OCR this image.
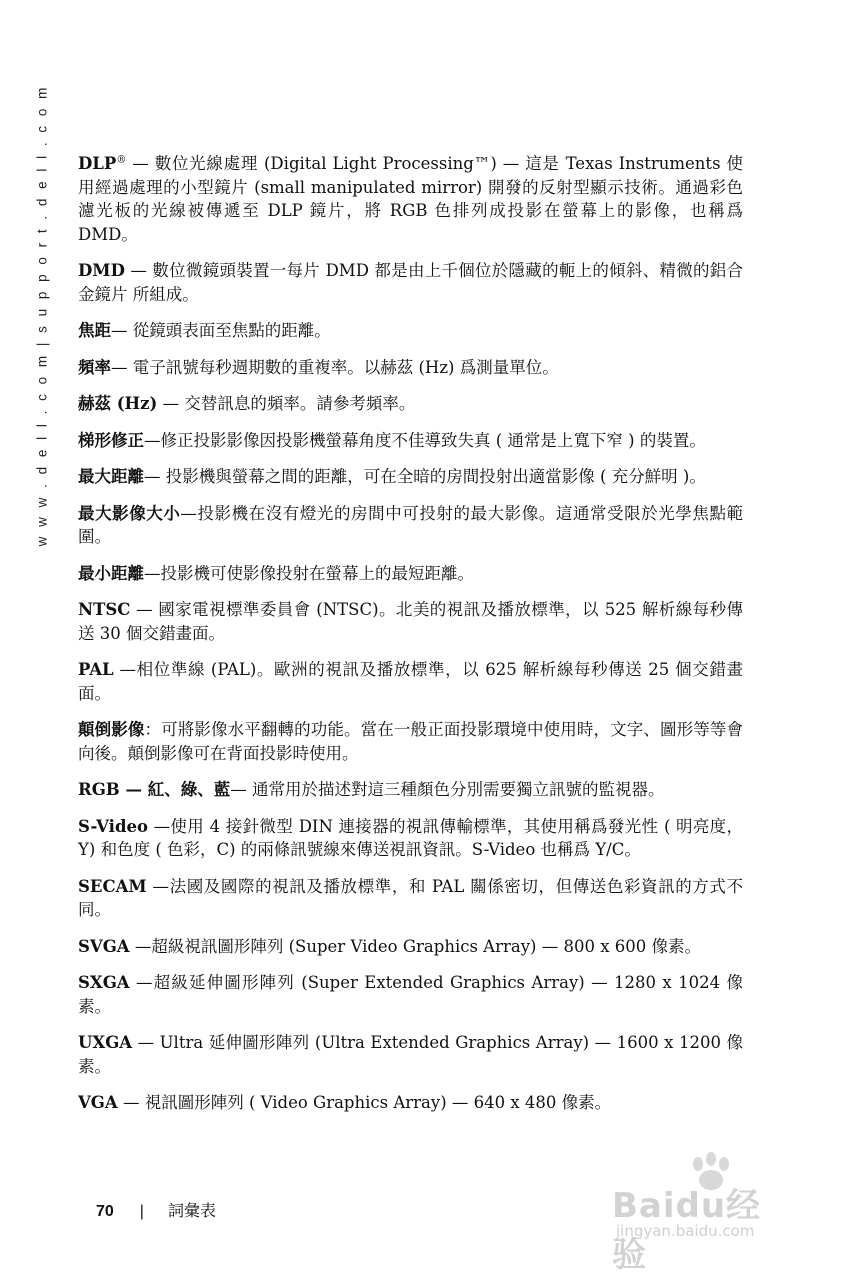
w w w . d e l l . c o m | s u p p o r t . d e l l . c o m DLP® — 數位光線處理 (Digital Light Processing™) — 這是 Texas Instruments 使用經過處理的小型鏡片 (small manipulated mirror) 開發的反射型顯示技術。通過彩色濾光板的光線被傳遞至 DLP 鏡片，將 RGB 色排列成投影在螢幕上的影像，也稱爲 DMD。

DMD — 數位微鏡頭裝置一每片 DMD 都是由上千個位於隱藏的軛上的傾斜、精微的鋁合金鏡片 所組成。

焦距— 從鏡頭表面至焦點的距離。

頻率— 電子訊號每秒週期數的重複率。以赫茲 (Hz) 爲測量單位。

赫茲 (Hz) — 交替訊息的頻率。請參考頻率。

梯形修正—修正投影影像因投影機螢幕角度不佳導致失真 ( 通常是上寬下窄 ) 的裝置。

最大距離— 投影機與螢幕之間的距離，可在全暗的房間投射出適當影像 ( 充分鮮明 )。

最大影像大小—投影機在沒有燈光的房間中可投射的最大影像。這通常受限於光學焦點範圍。

最小距離—投影機可使影像投射在螢幕上的最短距離。

NTSC — 國家電視標準委員會 (NTSC)。北美的視訊及播放標準，以 525 解析線每秒傳送 30 個交錯畫面。

PAL —相位準線 (PAL)。歐洲的視訊及播放標準，以 625 解析線每秒傳送 25 個交錯畫面。

顛倒影像：可將影像水平翻轉的功能。當在一般正面投影環境中使用時，文字、圖形等等會向後。顛倒影像可在背面投影時使用。

RGB — 紅、綠、藍— 通常用於描述對這三種顏色分別需要獨立訊號的監視器。

S-Video —使用 4 接針微型 DIN 連接器的視訊傳輸標準，其使用稱爲發光性 ( 明亮度，Y) 和色度 ( 色彩，C) 的兩條訊號線來傳送視訊資訊。S-Video 也稱爲 Y/C。

SECAM —法國及國際的視訊及播放標準，和 PAL 關係密切，但傳送色彩資訊的方式不同。

SVGA —超級視訊圖形陣列 (Super Video Graphics Array) — 800 x 600 像素。

SXGA —超級延伸圖形陣列 (Super Extended Graphics Array) — 1280 x 1024 像素。

UXGA — Ultra 延伸圖形陣列 (Ultra Extended Graphics Array) — 1600 x 1200 像素。

VGA — 視訊圖形陣列 ( Video Graphics Array) — 640 x 480 像素。

70 | 詞彙表	Baidu经验
jingyan.baidu.com
